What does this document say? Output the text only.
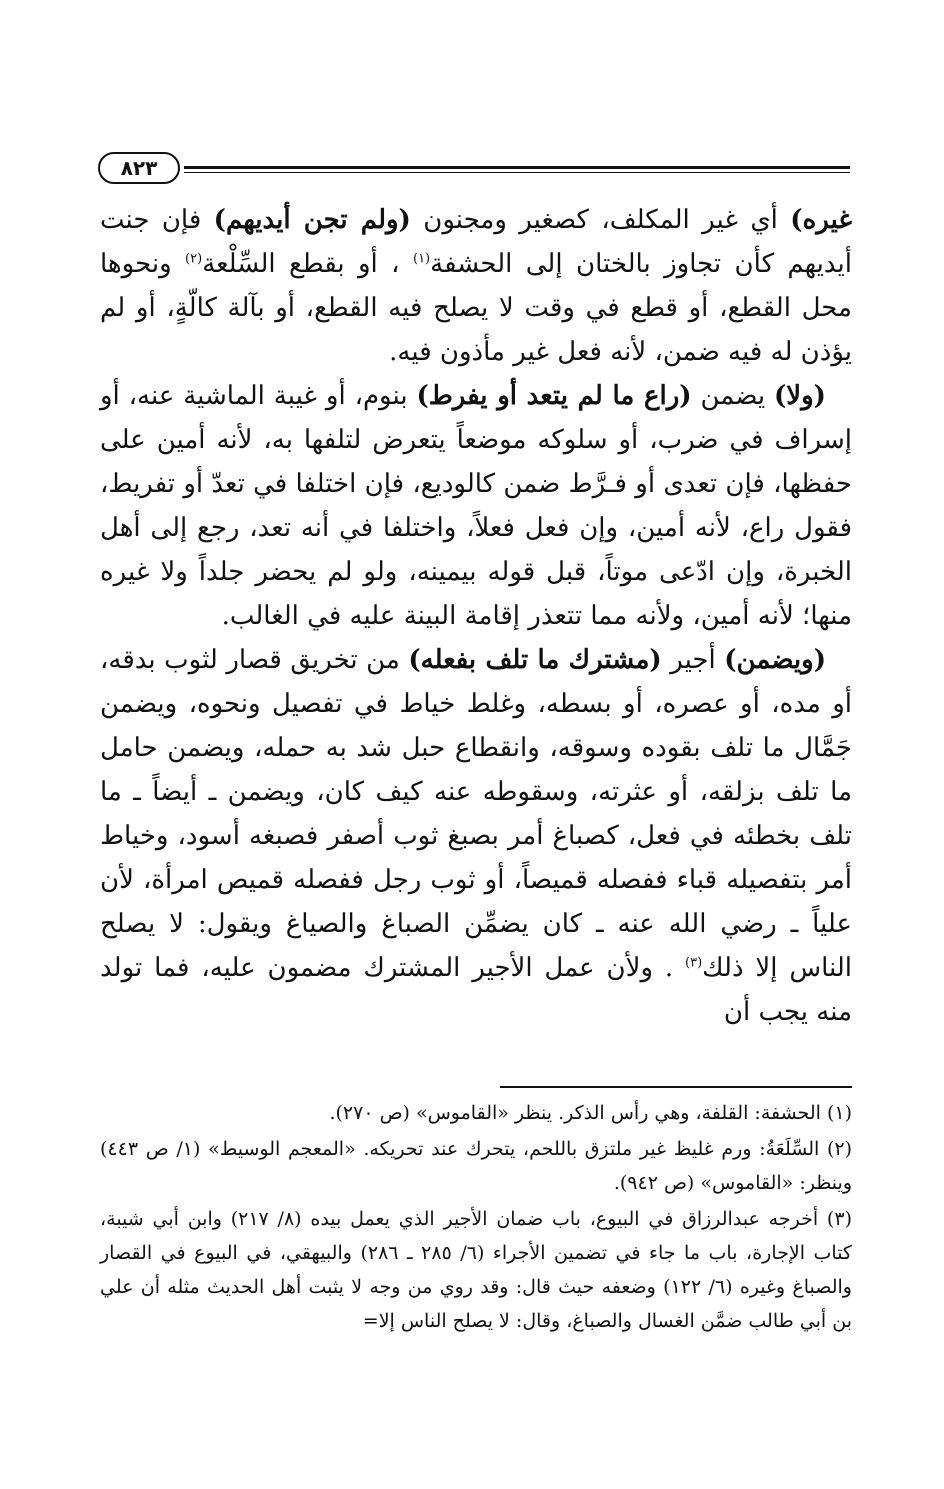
٨٢٣

غيره) أي غير المكلف، كصغير ومجنون (ولم تجن أيديهم) فإن جنت أيديهم كأن تجاوز بالختان إلى الحشفة$^{(١)}$ ، أو بقطع السِّلْعة$^{(٢)}$ ونحوها محل القطع، أو قطع في وقت لا يصلح فيه القطع، أو بآلة كالّةٍ، أو لم يؤذن له فيه ضمن، لأنه فعل غير مأذون فيه.

(ولا) يضمن (راع ما لم يتعد أو يفرط) بنوم، أو غيبة الماشية عنه، أو إسراف في ضرب، أو سلوكه موضعاً يتعرض لتلفها به، لأنه أمين على حفظها، فإن تعدى أو فـرَّط ضمن كالوديع، فإن اختلفا في تعدّ أو تفريط، فقول راع، لأنه أمين، وإن فعل فعلاً، واختلفا في أنه تعد، رجع إلى أهل الخبرة، وإن ادّعى موتاً، قبل قوله بيمينه، ولو لم يحضر جلداً ولا غيره منها؛ لأنه أمين، ولأنه مما تتعذر إقامة البينة عليه في الغالب.

(ويضمن) أجير (مشترك ما تلف بفعله) من تخريق قصار لثوب بدقه، أو مده، أو عصره، أو بسطه، وغلط خياط في تفصيل ونحوه، ويضمن جَمَّال ما تلف بقوده وسوقه، وانقطاع حبل شد به حمله، ويضمن حامل ما تلف بزلقه، أو عثرته، وسقوطه عنه كيف كان، ويضمن ـ أيضاً ـ ما تلف بخطئه في فعل، كصباغ أمر بصبغ ثوب أصفر فصبغه أسود، وخياط أمر بتفصيله قباء ففصله قميصاً، أو ثوب رجل ففصله قميص امرأة، لأن علياً ـ رضي الله عنه ـ كان يضمِّن الصباغ والصياغ ويقول: لا يصلح الناس إلا ذلك$^{(٣)}$ . ولأن عمل الأجير المشترك مضمون عليه، فما تولد منه يجب أن

(١) الحشفة: القلفة، وهي رأس الذكر. ينظر «القاموس» (ص ٢٧٠).

(٢) السِّلَعَةُ: ورم غليظ غير ملتزق باللحم، يتحرك عند تحريكه. «المعجم الوسيط» (١/ ص ٤٤٣) وينظر: «القاموس» (ص ٩٤٢).

(٣) أخرجه عبدالرزاق في البيوع، باب ضمان الأجير الذي يعمل بيده (٨/ ٢١٧) وابن أبي شيبة، كتاب الإجارة، باب ما جاء في تضمين الأجراء (٦/ ٢٨٥ ـ ٢٨٦) والبيهقي، في البيوع في القصار والصباغ وغيره (٦/ ١٢٢) وضعفه حيث قال: وقد روي من وجه لا يثبت أهل الحديث مثله أن علي بن أبي طالب ضمَّن الغسال والصباغ، وقال: لا يصلح الناس إلا=
